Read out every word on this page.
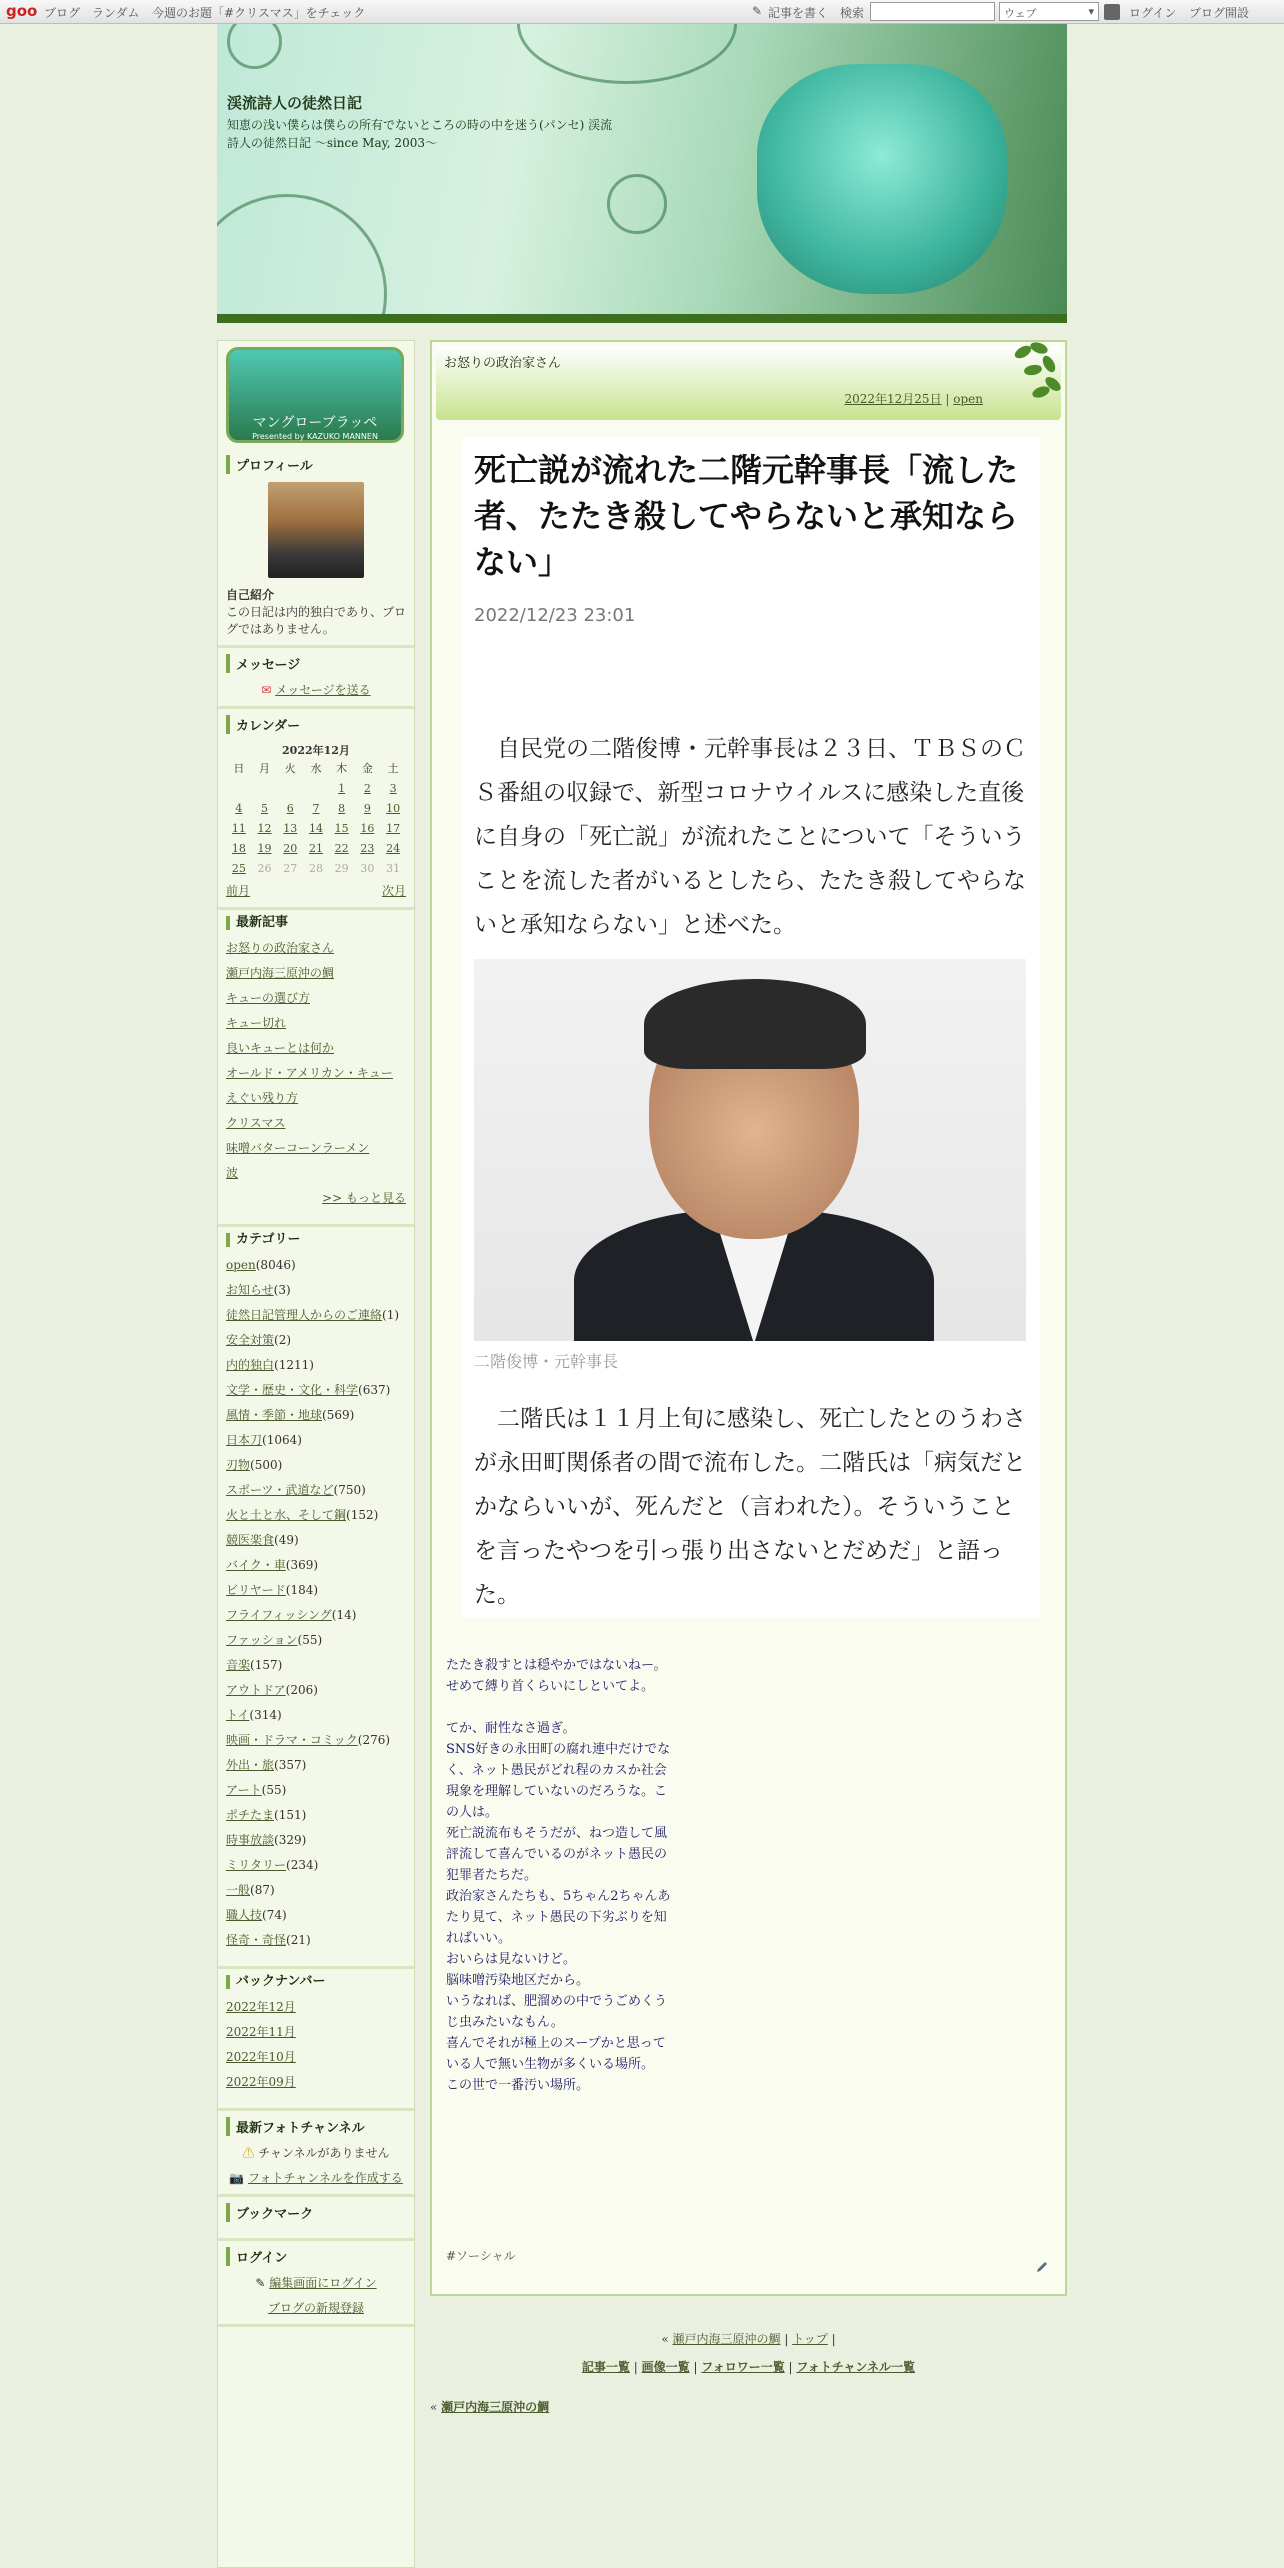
goo ブログ ランダム 今週のお題「#クリスマス」をチェック	✎ 記事を書く 検索	ウェブ	▾	ログイン ブログ開設
渓流詩人の徒然日記
知恵の浅い僕らは僕らの所有でないところの時の中を迷う(パンセ) 渓流詩人の徒然日記 ～since May, 2003～
マングローブラッペ
Presented by KAZUKO MANNEN
プロフィール
自己紹介
この日記は内的独白であり、ブログではありません。
メッセージ
✉ メッセージを送る
カレンダー
2022年12月
日	月	火	水	木	金	土
				1	2	3
4	5	6	7	8	9	10
11	12	13	14	15	16	17
18	19	20	21	22	23	24
25	26	27	28	29	30	31
前月	次月
最新記事
お怒りの政治家さん
瀬戸内海三原沖の鯛
キューの選び方
キュー切れ
良いキューとは何か
オールド・アメリカン・キュー
えぐい残り方
クリスマス
味噌バターコーンラーメン
波
>> もっと見る
カテゴリー
open(8046)
お知らせ(3)
徒然日記管理人からのご連絡(1)
安全対策(2)
内的独白(1211)
文学・歴史・文化・科学(637)
風情・季節・地球(569)
日本刀(1064)
刃物(500)
スポーツ・武道など(750)
火と土と水、そして鋼(152)
競医楽食(49)
バイク・車(369)
ビリヤード(184)
フライフィッシング(14)
ファッション(55)
音楽(157)
アウトドア(206)
トイ(314)
映画・ドラマ・コミック(276)
外出・旅(357)
アート(55)
ポチたま(151)
時事放談(329)
ミリタリー(234)
一般(87)
職人技(74)
怪奇・奇怪(21)
バックナンバー
2022年12月
2022年11月
2022年10月
2022年09月
最新フォトチャンネル
⚠ チャンネルがありません
📷 フォトチャンネルを作成する
ブックマーク
ログイン
✎ 編集画面にログイン
ブログの新規登録
お怒りの政治家さん
2022年12月25日 | open
死亡説が流れた二階元幹事長「流した者、たたき殺してやらないと承知ならない」
2022/12/23 23:01
　自民党の二階俊博・元幹事長は２３日、ＴＢＳのＣＳ番組の収録で、新型コロナウイルスに感染した直後に自身の「死亡説」が流れたことについて「そういうことを流した者がいるとしたら、たたき殺してやらないと承知ならない」と述べた。
二階俊博・元幹事長
　二階氏は１１月上旬に感染し、死亡したとのうわさが永田町関係者の間で流布した。二階氏は「病気だとかならいいが、死んだと（言われた）。そういうことを言ったやつを引っ張り出さないとだめだ」と語った。
たたき殺すとは穏やかではないねー。
せめて縛り首くらいにしといてよ。

てか、耐性なさ過ぎ。
SNS好きの永田町の腐れ連中だけでなく、ネット愚民がどれ程のカスか社会現象を理解していないのだろうな。この人は。
死亡説流布もそうだが、ねつ造して風評流して喜んでいるのがネット愚民の犯罪者たちだ。
政治家さんたちも、5ちゃん2ちゃんあたり見て、ネット愚民の下劣ぶりを知ればいい。
おいらは見ないけど。
脳味噌汚染地区だから。
いうなれば、肥溜めの中でうごめくうじ虫みたいなもん。
喜んでそれが極上のスープかと思っている人で無い生物が多くいる場所。
この世で一番汚い場所。
#ソーシャル
« 瀬戸内海三原沖の鯛 | トップ |
記事一覧 | 画像一覧 | フォロワー一覧 | フォトチャンネル一覧
« 瀬戸内海三原沖の鯛
